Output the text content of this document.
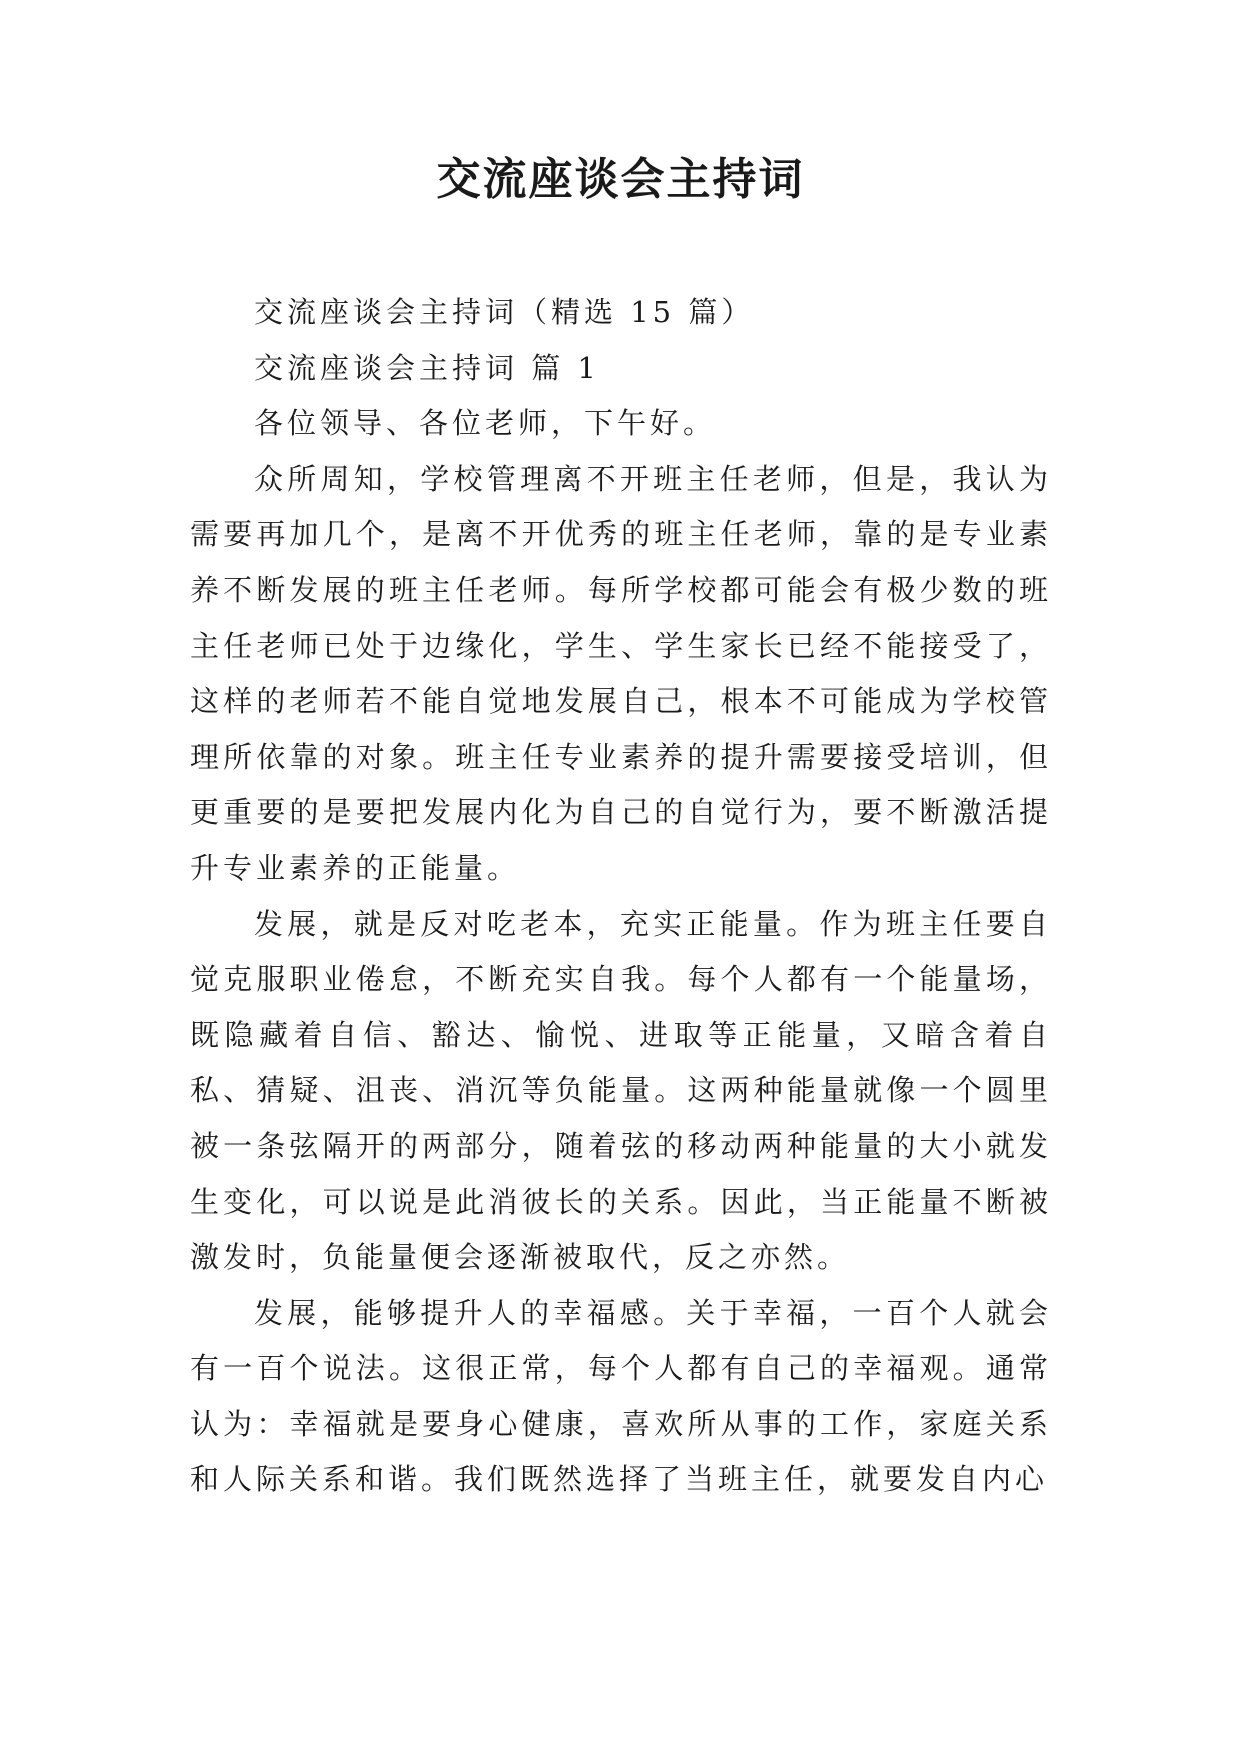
交流座谈会主持词

交流座谈会主持词（精选 15 篇）

交流座谈会主持词 篇 1

各位领导、各位老师，下午好。

众所周知，学校管理离不开班主任老师，但是，我认为需要再加几个，是离不开优秀的班主任老师，靠的是专业素养不断发展的班主任老师。每所学校都可能会有极少数的班主任老师已处于边缘化，学生、学生家长已经不能接受了，这样的老师若不能自觉地发展自己，根本不可能成为学校管理所依靠的对象。班主任专业素养的提升需要接受培训，但更重要的是要把发展内化为自己的自觉行为，要不断激活提升专业素养的正能量。

发展，就是反对吃老本，充实正能量。作为班主任要自觉克服职业倦怠，不断充实自我。每个人都有一个能量场，既隐藏着自信、豁达、愉悦、进取等正能量，又暗含着自私、猜疑、沮丧、消沉等负能量。这两种能量就像一个圆里被一条弦隔开的两部分，随着弦的移动两种能量的大小就发生变化，可以说是此消彼长的关系。因此，当正能量不断被激发时，负能量便会逐渐被取代，反之亦然。

发展，能够提升人的幸福感。关于幸福，一百个人就会有一百个说法。这很正常，每个人都有自己的幸福观。通常认为：幸福就是要身心健康，喜欢所从事的工作，家庭关系和人际关系和谐。我们既然选择了当班主任，就要发自内心
